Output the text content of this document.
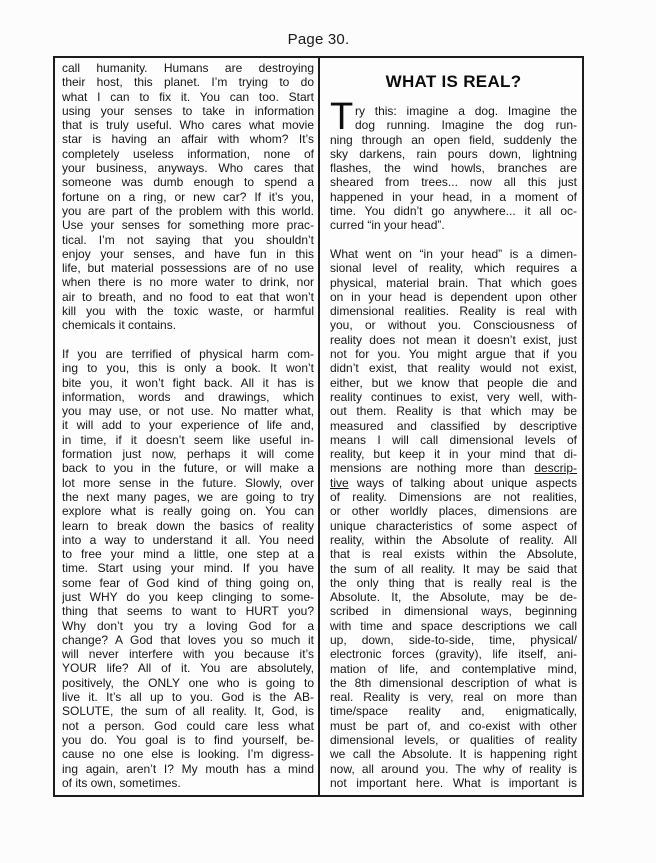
Page 30.
call humanity. Humans are destroying
their host, this planet. I’m trying to do
what I can to fix it. You can too. Start
using your senses to take in information
that is truly useful. Who cares what movie
star is having an affair with whom? It’s
completely useless information, none of
your business, anyways. Who cares that
someone was dumb enough to spend a
fortune on a ring, or new car? If it’s you,
you are part of the problem with this world.
Use your senses for something more prac-
tical. I’m not saying that you shouldn’t
enjoy your senses, and have fun in this
life, but material possessions are of no use
when there is no more water to drink, nor
air to breath, and no food to eat that won’t
kill you with the toxic waste, or harmful
chemicals it contains.
If you are terrified of physical harm com-
ing to you, this is only a book. It won’t
bite you, it won’t fight back. All it has is
information, words and drawings, which
you may use, or not use. No matter what,
it will add to your experience of life and,
in time, if it doesn’t seem like useful in-
formation just now, perhaps it will come
back to you in the future, or will make a
lot more sense in the future. Slowly, over
the next many pages, we are going to try
explore what is really going on. You can
learn to break down the basics of reality
into a way to understand it all. You need
to free your mind a little, one step at a
time. Start using your mind. If you have
some fear of God kind of thing going on,
just WHY do you keep clinging to some-
thing that seems to want to HURT you?
Why don’t you try a loving God for a
change? A God that loves you so much it
will never interfere with you because it’s
YOUR life? All of it. You are absolutely,
positively, the ONLY one who is going to
live it. It’s all up to you. God is the AB-
SOLUTE, the sum of all reality. It, God, is
not a person. God could care less what
you do. You goal is to find yourself, be-
cause no one else is looking. I’m digress-
ing again, aren’t I? My mouth has a mind
of its own, sometimes.
WHAT IS REAL?
T ry this: imagine a dog. Imagine the
dog running. Imagine the dog run-
ning through an open field, suddenly the
sky darkens, rain pours down, lightning
flashes, the wind howls, branches are
sheared from trees... now all this just
happened in your head, in a moment of
time. You didn’t go anywhere... it all oc-
curred “in your head”.
What went on “in your head” is a dimen-
sional level of reality, which requires a
physical, material brain. That which goes
on in your head is dependent upon other
dimensional realities. Reality is real with
you, or without you. Consciousness of
reality does not mean it doesn’t exist, just
not for you. You might argue that if you
didn’t exist, that reality would not exist,
either, but we know that people die and
reality continues to exist, very well, with-
out them. Reality is that which may be
measured and classified by descriptive
means I will call dimensional levels of
reality, but keep it in your mind that di-
mensions are nothing more than descrip-
tive ways of talking about unique aspects
of reality. Dimensions are not realities,
or other worldly places, dimensions are
unique characteristics of some aspect of
reality, within the Absolute of reality. All
that is real exists within the Absolute,
the sum of all reality. It may be said that
the only thing that is really real is the
Absolute. It, the Absolute, may be de-
scribed in dimensional ways, beginning
with time and space descriptions we call
up, down, side-to-side, time, physical/
electronic forces (gravity), life itself, ani-
mation of life, and contemplative mind,
the 8th dimensional description of what is
real. Reality is very, real on more than
time/space reality and, enigmatically,
must be part of, and co-exist with other
dimensional levels, or qualities of reality
we call the Absolute. It is happening right
now, all around you. The why of reality is
not important here. What is important is
